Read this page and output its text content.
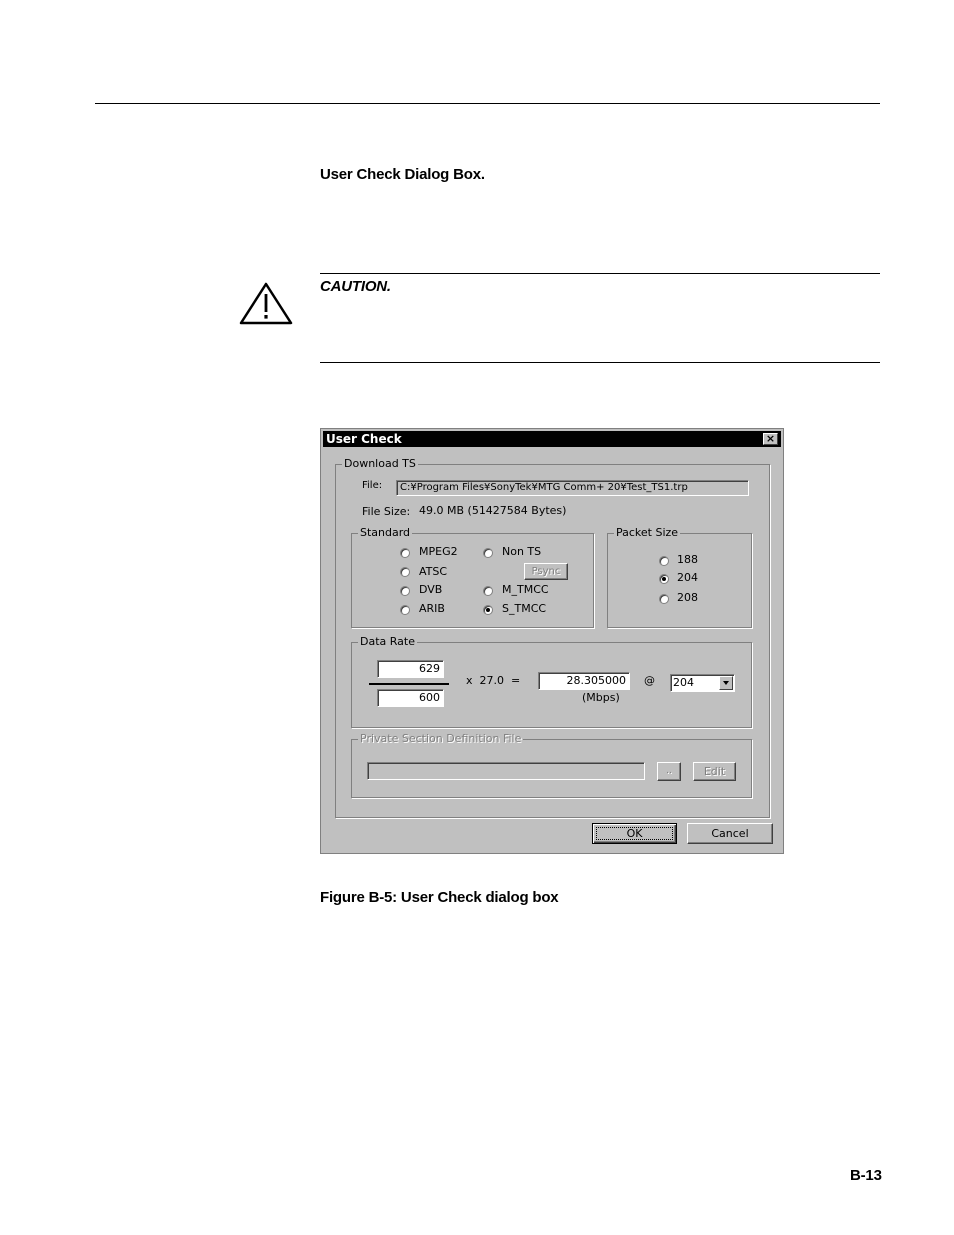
User Check Dialog Box.
CAUTION.
User Check	×
Download TS
File:	C:¥Program Files¥SonyTek¥MTG Comm+ 20¥Test_TS1.trp
File Size: 49.0 MB (51427584 Bytes)
Standard
MPEG2
ATSC
DVB
ARIB
Non TS
Psync
M_TMCC
S_TMCC
Packet Size
188
204
208
Data Rate
629
600
x  27.0  =	28.305000
(Mbps)
@ 204
Private Section Definition File
..	Edit
OK	Cancel
Figure B-5: User Check dialog box
B-13
